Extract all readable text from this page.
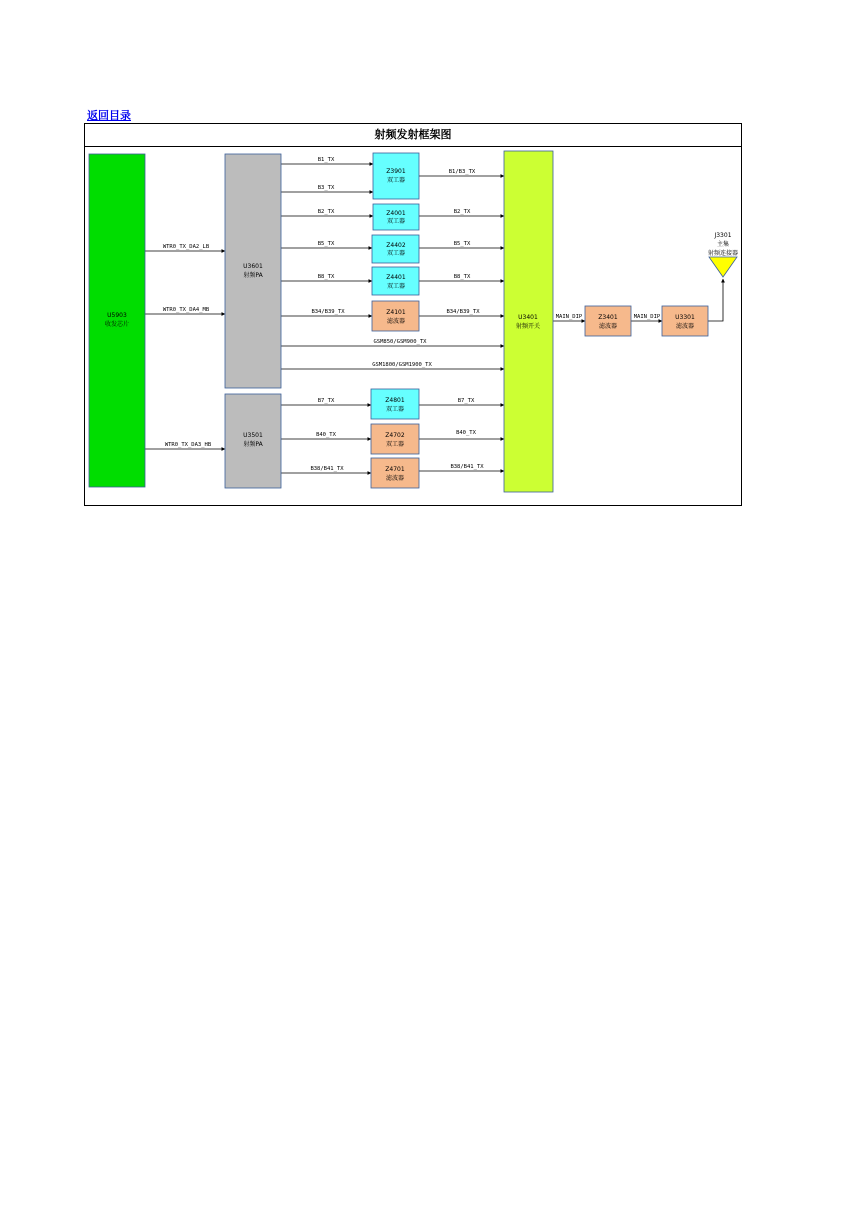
返回目录
射频发射框架图
U5903
收发芯片
U3601
射频PA
U3501
射频PA
Z3901
双工器
Z4001
双工器
Z4402
双工器
Z4401
双工器
Z4101
滤波器
Z4801
双工器
Z4702
双工器
Z4701
滤波器
U3401
射频开关
Z3401
滤波器
U3301
滤波器
J3301
主集
射频连接器
WTR0_TX_DA2_LB
WTR0_TX_DA4_MB
WTR0_TX_DA3_HB
B1_TX
B3_TX
B1/B3_TX
B2_TX	B2_TX
B5_TX	B5_TX
B8_TX	B8_TX
B34/B39_TX	B34/B39_TX
GSM850/GSM900_TX
GSM1800/GSM1900_TX
B7_TX	B7_TX
B40_TX	B40_TX
B38/B41_TX	B38/B41_TX
MAIN_DIP	MAIN_DIP
